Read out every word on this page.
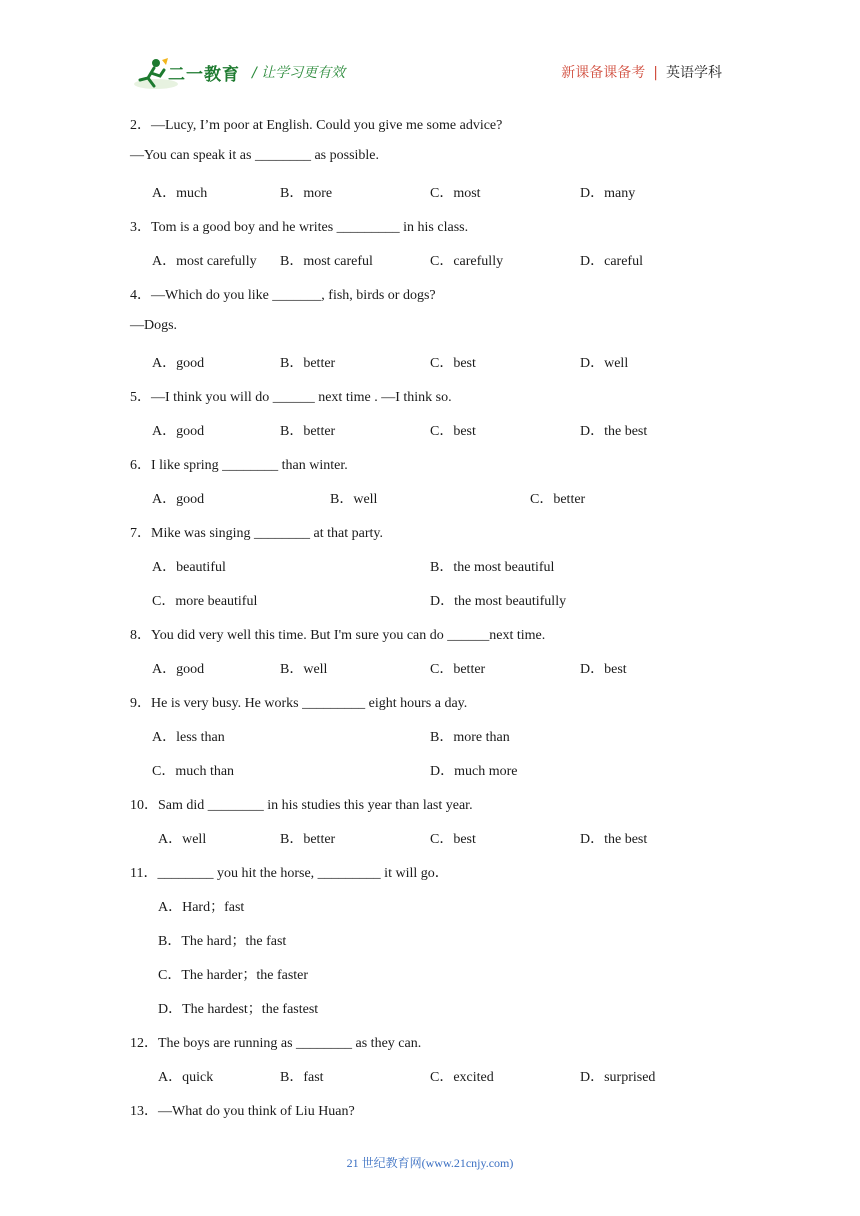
二一教育 / 让学习更有效	新课备课备考 | 英语学科
2．—Lucy, I’m poor at English. Could you give me some advice?
—You can speak it as ________ as possible.
A．much	B．more	C．most	D．many
3．Tom is a good boy and he writes _________ in his class.
A．most carefully B．most careful	C．carefully	D．careful
4．—Which do you like _______, fish, birds or dogs?
—Dogs.
A．good	B．better	C．best	D．well
5．—I think you will do ______ next time . —I think so.
A．good	B．better	C．best	D．the best
6．I like spring ________ than winter.
A．good	B．well	C．better
7．Mike was singing ________ at that party.
A．beautiful	B．the most beautiful
C．more beautiful	D．the most beautifully
8．You did very well this time. But I'm sure you can do ______next time.
A．good	B．well	C．better	D．best
9．He is very busy. He works _________ eight hours a day.
A．less than	B．more than
C．much than	D．much more
10．Sam did ________ in his studies this year than last year.
A．well	B．better	C．best	D．the best
11．________ you hit the horse, _________ it will go．
A．Hard；fast
B．The hard；the fast
C．The harder；the faster
D．The hardest；the fastest
12．The boys are running as ________ as they can.
A．quick	B．fast	C．excited	D．surprised
13．—What do you think of Liu Huan?
21 世纪教育网(www.21cnjy.com)
